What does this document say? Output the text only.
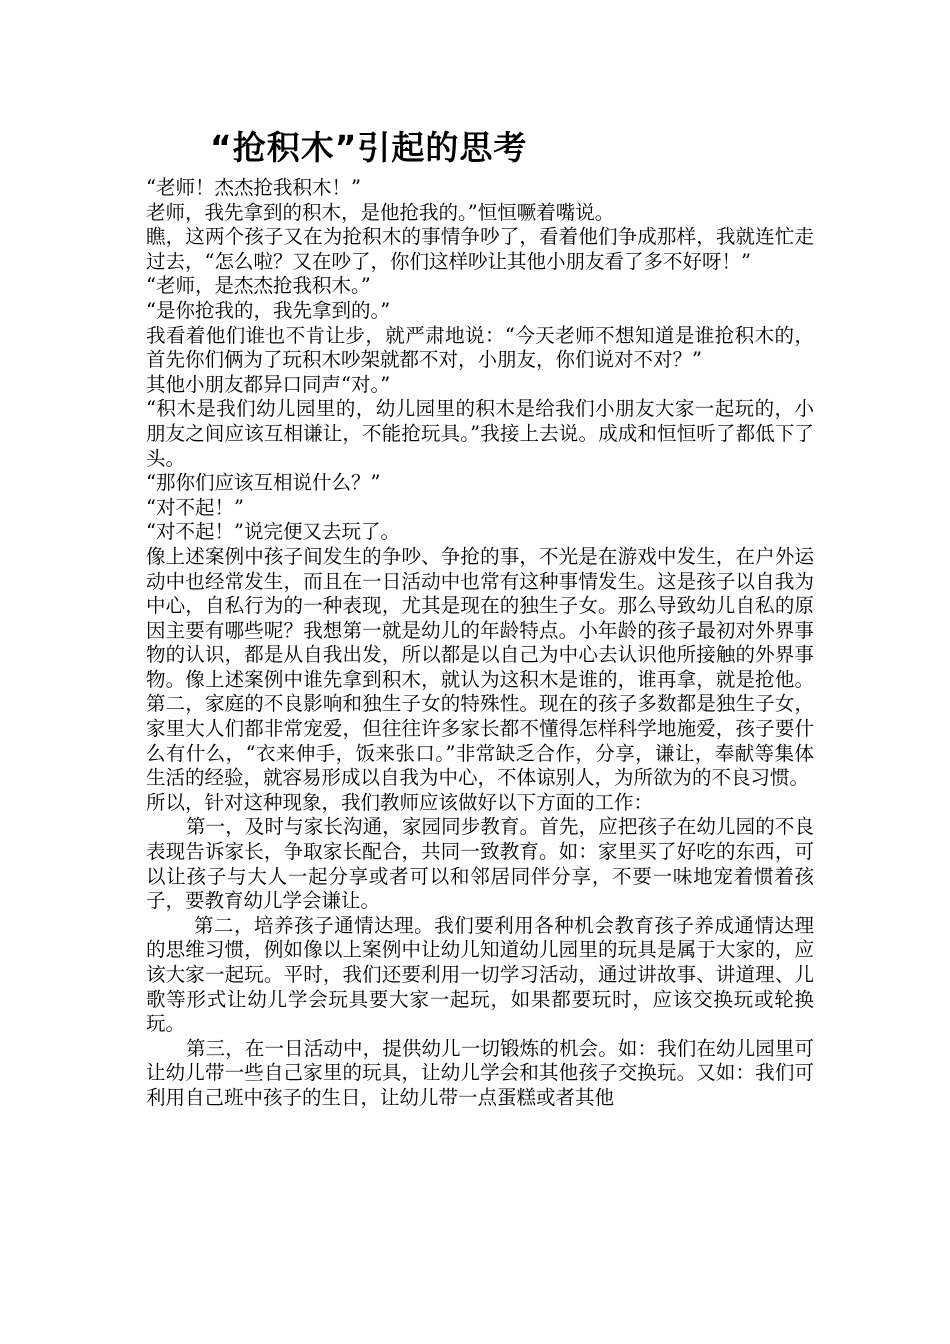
“抢积木”引起的思考

“老师！杰杰抢我积木！”

老师，我先拿到的积木，是他抢我的。”恒恒噘着嘴说。

瞧，这两个孩子又在为抢积木的事情争吵了，看着他们争成那样，我就连忙走过去，“怎么啦？又在吵了，你们这样吵让其他小朋友看了多不好呀！”

“老师，是杰杰抢我积木。”

“是你抢我的，我先拿到的。”

我看着他们谁也不肯让步，就严肃地说：“今天老师不想知道是谁抢积木的，首先你们俩为了玩积木吵架就都不对，小朋友，你们说对不对？”

其他小朋友都异口同声“对。”

“积木是我们幼儿园里的，幼儿园里的积木是给我们小朋友大家一起玩的，小朋友之间应该互相谦让，不能抢玩具。”我接上去说。成成和恒恒听了都低下了头。

“那你们应该互相说什么？”

“对不起！”

“对不起！”说完便又去玩了。

像上述案例中孩子间发生的争吵、争抢的事，不光是在游戏中发生，在户外运动中也经常发生，而且在一日活动中也常有这种事情发生。这是孩子以自我为中心，自私行为的一种表现，尤其是现在的独生子女。那么导致幼儿自私的原因主要有哪些呢？我想第一就是幼儿的年龄特点。小年龄的孩子最初对外界事物的认识，都是从自我出发，所以都是以自己为中心去认识他所接触的外界事物。像上述案例中谁先拿到积木，就认为这积木是谁的，谁再拿，就是抢他。第二，家庭的不良影响和独生子女的特殊性。现在的孩子多数都是独生子女，家里大人们都非常宠爱，但往往许多家长都不懂得怎样科学地施爱，孩子要什么有什么，“衣来伸手，饭来张口。”非常缺乏合作，分享，谦让，奉献等集体生活的经验，就容易形成以自我为中心，不体谅别人，为所欲为的不良习惯。

所以，针对这种现象，我们教师应该做好以下方面的工作：

第一，及时与家长沟通，家园同步教育。首先，应把孩子在幼儿园的不良表现告诉家长，争取家长配合，共同一致教育。如：家里买了好吃的东西，可以让孩子与大人一起分享或者可以和邻居同伴分享，不要一味地宠着惯着孩子，要教育幼儿学会谦让。

第二，培养孩子通情达理。我们要利用各种机会教育孩子养成通情达理的思维习惯，例如像以上案例中让幼儿知道幼儿园里的玩具是属于大家的，应该大家一起玩。平时，我们还要利用一切学习活动，通过讲故事、讲道理、儿歌等形式让幼儿学会玩具要大家一起玩，如果都要玩时，应该交换玩或轮换玩。

第三，在一日活动中，提供幼儿一切锻炼的机会。如：我们在幼儿园里可让幼儿带一些自己家里的玩具，让幼儿学会和其他孩子交换玩。又如：我们可利用自己班中孩子的生日，让幼儿带一点蛋糕或者其他
